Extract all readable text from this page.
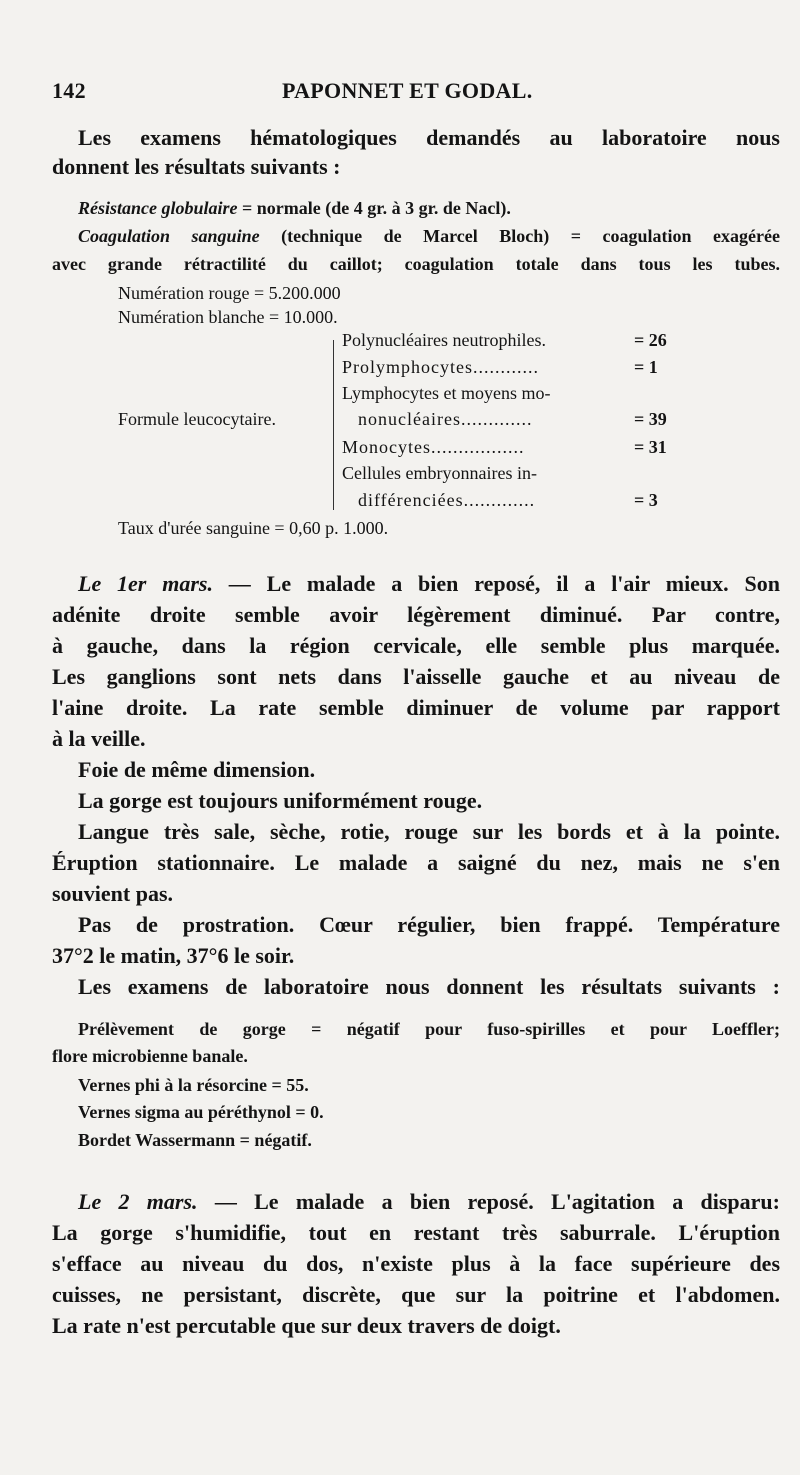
142	PAPONNET ET GODAL.
Les examens hématologiques demandés au laboratoire nous
donnent les résultats suivants :
Résistance globulaire = normale (de 4 gr. à 3 gr. de Nacl).
Coagulation sanguine (technique de Marcel Bloch) = coagulation exagérée
avec grande rétractilité du caillot; coagulation totale dans tous les tubes.
Numération rouge = 5.200.000
Numération blanche = 10.000.
Formule leucocytaire.
Polynucléaires neutrophiles.	= 26
Prolymphocytes............	= 1
Lymphocytes et moyens mo-
nonucléaires.............	= 39
Monocytes.................	= 31
Cellules embryonnaires in-
différenciées.............	= 3
Taux d'urée sanguine = 0,60 p. 1.000.
Le 1er mars. — Le malade a bien reposé, il a l'air mieux. Son
adénite droite semble avoir légèrement diminué. Par contre,
à gauche, dans la région cervicale, elle semble plus marquée.
Les ganglions sont nets dans l'aisselle gauche et au niveau de
l'aine droite. La rate semble diminuer de volume par rapport
à la veille.
Foie de même dimension.
La gorge est toujours uniformément rouge.
Langue très sale, sèche, rotie, rouge sur les bords et à la pointe.
Éruption stationnaire. Le malade a saigné du nez, mais ne s'en
souvient pas.
Pas de prostration. Cœur régulier, bien frappé. Température
37°2 le matin, 37°6 le soir.
Les examens de laboratoire nous donnent les résultats suivants :
Prélèvement de gorge = négatif pour fuso-spirilles et pour Loeffler;
flore microbienne banale.
Vernes phi à la résorcine = 55.
Vernes sigma au péréthynol = 0.
Bordet Wassermann = négatif.
Le 2 mars. — Le malade a bien reposé. L'agitation a disparu:
La gorge s'humidifie, tout en restant très saburrale. L'éruption
s'efface au niveau du dos, n'existe plus à la face supérieure des
cuisses, ne persistant, discrète, que sur la poitrine et l'abdomen.
La rate n'est percutable que sur deux travers de doigt.
